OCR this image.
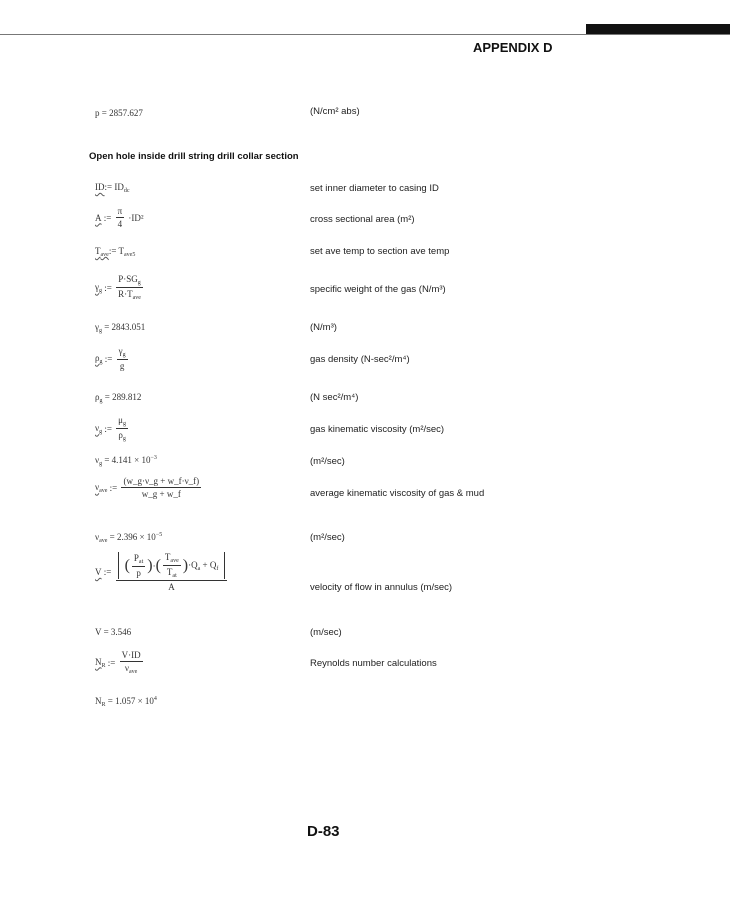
APPENDIX D
p = 2857.627	(N/cm² abs)
Open hole inside drill string drill collar section
ID:= $ID_{dc}$	set inner diameter to casing ID
A := $\frac{\pi}{4} \cdot ID^2$	cross sectional area (m²)
$T_{ave}:= T_{ave5}$	set ave temp to section ave temp
$\gamma_g$ := $\frac{P\cdot SG_g}{R\cdot T_{ave}}$	specific weight of the gas (N/m³)
$\gamma_g = 2843.051$	(N/m³)
$\rho_g$ := $\frac{\gamma_g}{g}$	gas density (N-sec²/m⁴)
$\rho_g = 289.812$	(N sec²/m⁴)
$\nu_g$ := $\frac{\mu_g}{\rho_g}$	gas kinematic viscosity (m²/sec)
$\nu_g = 4.141 \times 10^{-3}$	(m²/sec)
$\nu_{ave}$ := $\frac{(w\_g\cdot\nu\_g + w\_f\cdot\nu\_f)}{w\_g + w\_f}$	average kinematic viscosity of gas & mud
$\nu_{ave} = 2.396 \times 10^{-5}$	(m²/sec)
V := $\frac{( \frac{P_{at}}{p} )\cdot( \frac{T_{ave}}{T_{at}} )\cdot Q_a + Q_f}{A}$	velocity of flow in annulus (m/sec)
V = 3.546	(m/sec)
$N_R$ := $\frac{V\cdot ID}{\nu_{ave}}$	Reynolds number calculations
$N_R = 1.057 \times 10^4$
D-83
